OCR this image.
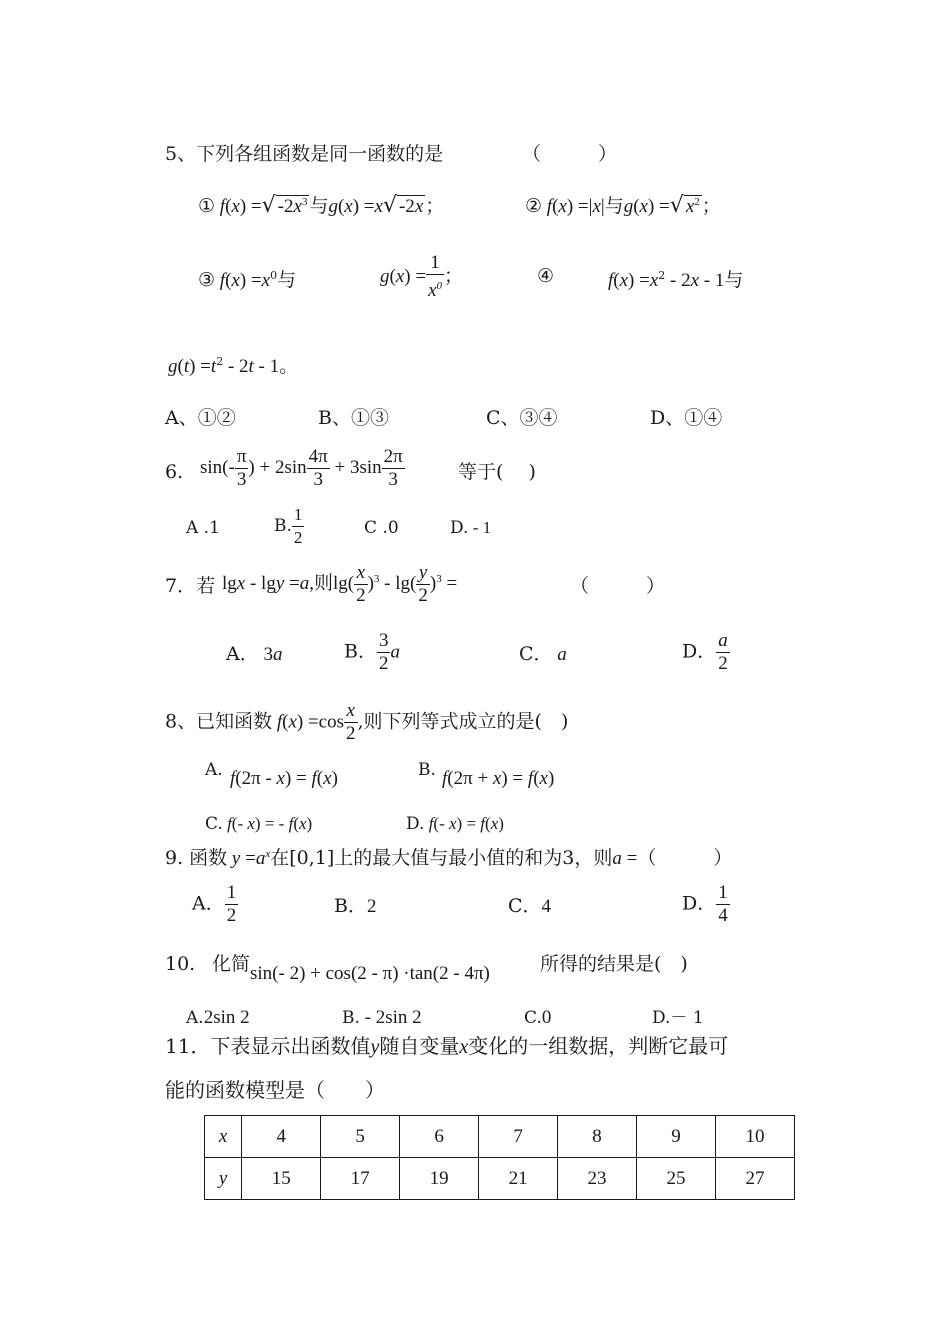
5、下列各组函数是同一函数的是	（　　　）
① f(x) =√ $-2x^3$ 与g(x) =x√ -2x ；	② f(x) =|x|与g(x) =√ $x^2$ ；
③ $f(x) =x^0$与	$g(x) = \frac{1}{x^0}$ ；	④	$f(x) =x^2 - 2x - 1$与
$g(t) =t^2 - 2t - 1$。
A、①②	B、①③	C、③④	D、①④
6. $\sin(- \frac{\pi}{3}$ ) + $2\sin \frac{4\pi}{3} + 3\sin \frac{2\pi}{3}$	等于(　 )
A .1	B. $\frac{1}{2}$	C .0	D. - 1
7．若 lgx - lgy =a,则$\lg( \frac{x}{2} )^3 - \lg( \frac{y}{2} )^3$ =	（　　　）
A． 3a	B． $\frac{3}{2}$ a	C． a	D． $\frac{a}{2}$
8、已知函数 $f(x) =\cos \frac{x}{2}$ ,则下列等式成立的是(　)
A. f(2π - x) = f(x)	B. f(2π + x) = f(x)
C. f(- x) = - f(x)	D. f(- x) = f(x)
9. 函数 $y =a^x$在[0,1]上的最大值与最小值的和为3，则a =（　　　）
A． $\frac{1}{2}$	B．2	C．4	D． $\frac{1}{4}$
10. 化简 sin(- 2) + cos(2 - π) ·tan(2 - 4π)	所得的结果是(　)
A.2sin 2	B. - 2sin 2	C.0	D.－ 1
11．下表显示出函数值y随自变量x变化的一组数据，判断它最可
能的函数模型是（　　）
x	4	5	6	7	8	9	10
y	15	17	19	21	23	25	27
